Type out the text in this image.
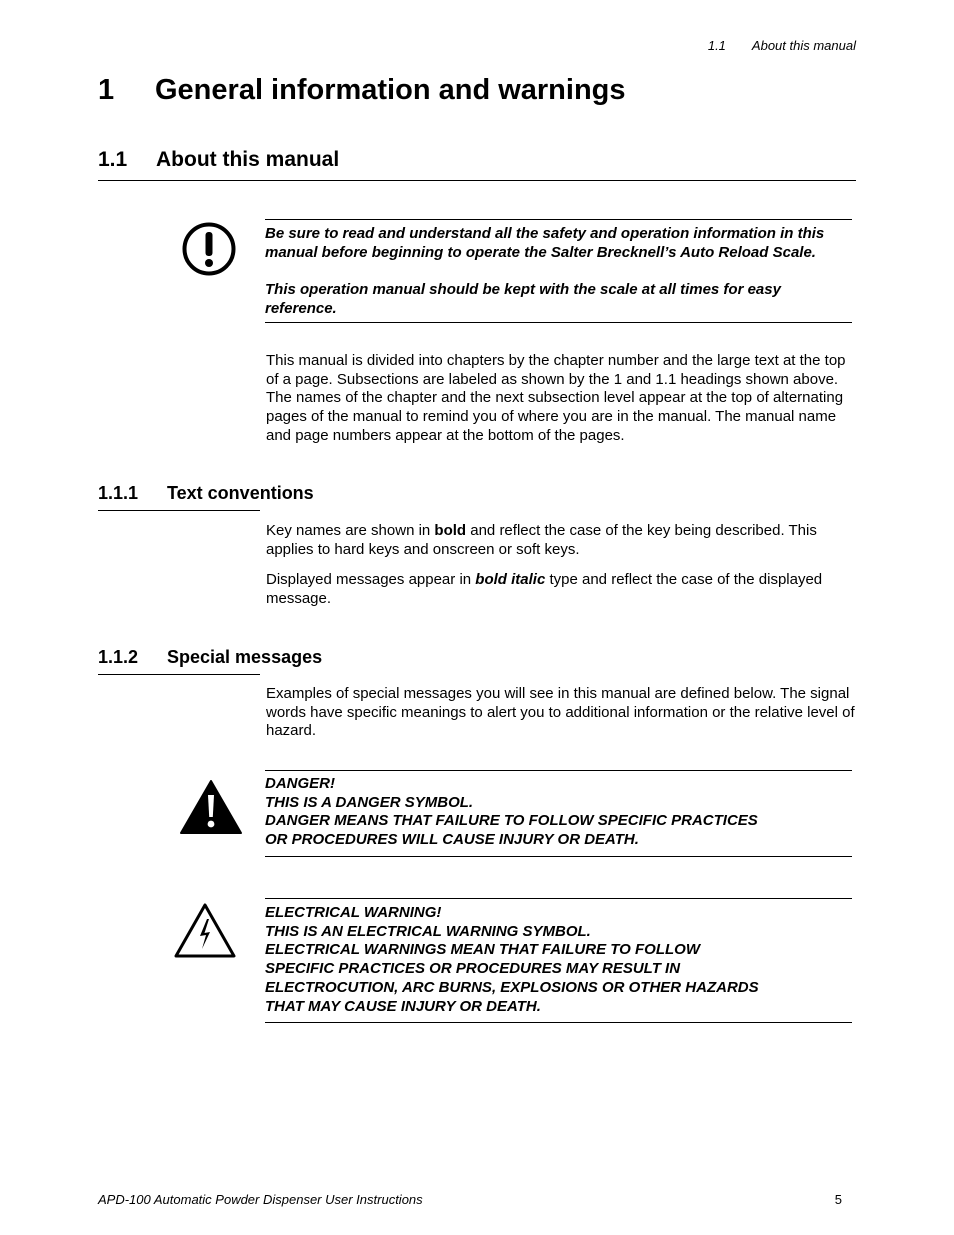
1.1 About this manual
1 General information and warnings
1.1 About this manual

Be sure to read and understand all the safety and operation information in this manual before beginning to operate the Salter Brecknell’s Auto Reload Scale.

This operation manual should be kept with the scale at all times for easy reference.

This manual is divided into chapters by the chapter number and the large text at the top of a page. Subsections are labeled as shown by the 1 and 1.1 headings shown above. The names of the chapter and the next subsection level appear at the top of alternating pages of the manual to remind you of where you are in the manual. The manual name and page numbers appear at the bottom of the pages.

1.1.1 Text conventions

Key names are shown in bold and reflect the case of the key being described. This applies to hard keys and onscreen or soft keys.

Displayed messages appear in bold italic type and reflect the case of the displayed message.

1.1.2 Special messages

Examples of special messages you will see in this manual are defined below. The signal words have specific meanings to alert you to additional information or the relative level of hazard.

DANGER!
THIS IS A DANGER SYMBOL.
DANGER MEANS THAT FAILURE TO FOLLOW SPECIFIC PRACTICES
OR PROCEDURES WILL CAUSE INJURY OR DEATH.
ELECTRICAL WARNING!
THIS IS AN ELECTRICAL WARNING SYMBOL.
ELECTRICAL WARNINGS MEAN THAT FAILURE TO FOLLOW
SPECIFIC PRACTICES OR PROCEDURES MAY RESULT IN
ELECTROCUTION, ARC BURNS, EXPLOSIONS OR OTHER HAZARDS
THAT MAY CAUSE INJURY OR DEATH.
APD-100 Automatic Powder Dispenser User Instructions	5
